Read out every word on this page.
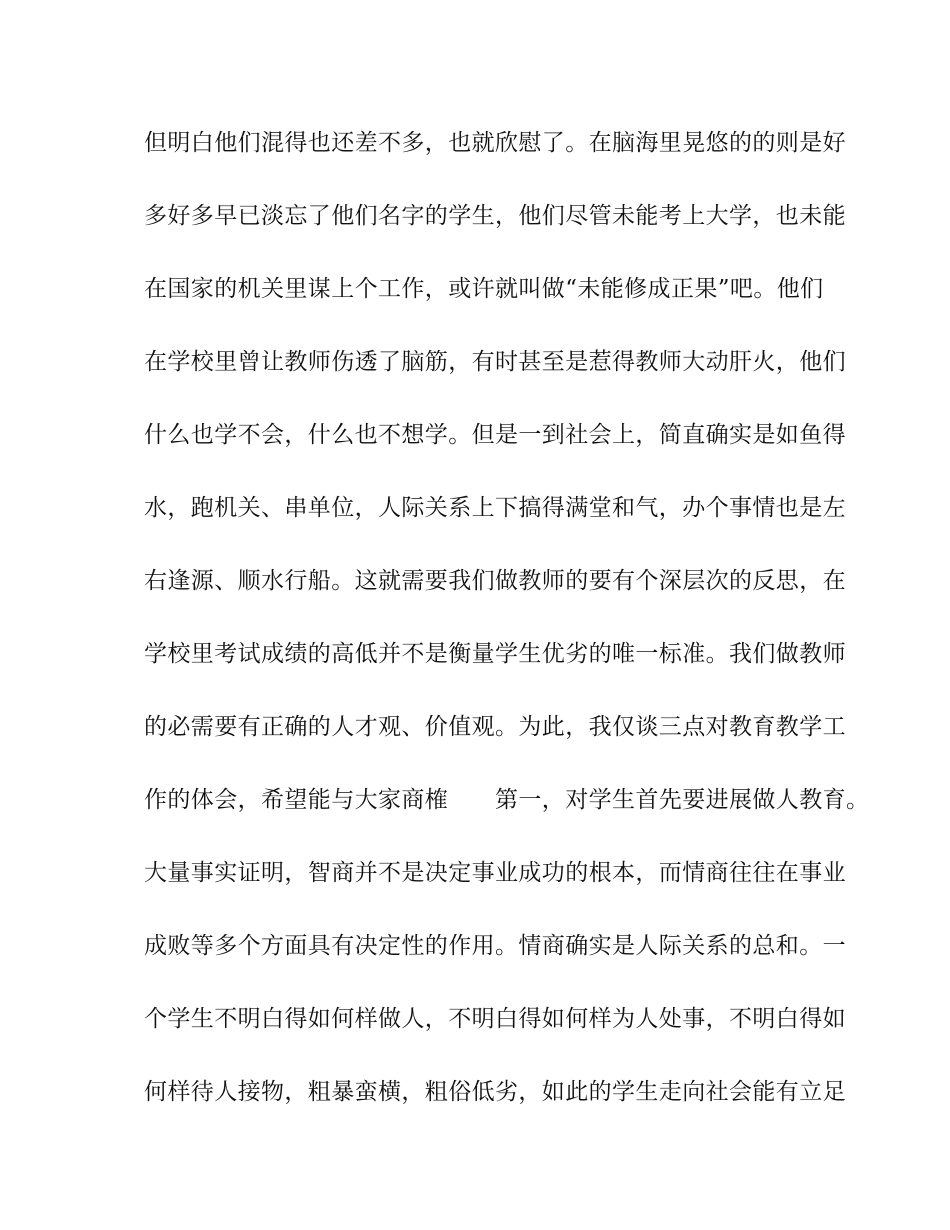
但明白他们混得也还差不多，也就欣慰了。在脑海里晃悠的的则是好
多好多早已淡忘了他们名字的学生，他们尽管未能考上大学，也未能
在国家的机关里谋上个工作，或许就叫做“未能修成正果”吧。他们
在学校里曾让教师伤透了脑筋，有时甚至是惹得教师大动肝火，他们
什么也学不会，什么也不想学。但是一到社会上，简直确实是如鱼得
水，跑机关、串单位，人际关系上下搞得满堂和气，办个事情也是左
右逢源、顺水行船。这就需要我们做教师的要有个深层次的反思，在
学校里考试成绩的高低并不是衡量学生优劣的唯一标准。我们做教师
的必需要有正确的人才观、价值观。为此，我仅谈三点对教育教学工
作的体会，希望能与大家商榷　　第一，对学生首先要进展做人教育。
大量事实证明，智商并不是决定事业成功的根本，而情商往往在事业
成败等多个方面具有决定性的作用。情商确实是人际关系的总和。一
个学生不明白得如何样做人，不明白得如何样为人处事，不明白得如
何样待人接物，粗暴蛮横，粗俗低劣，如此的学生走向社会能有立足
